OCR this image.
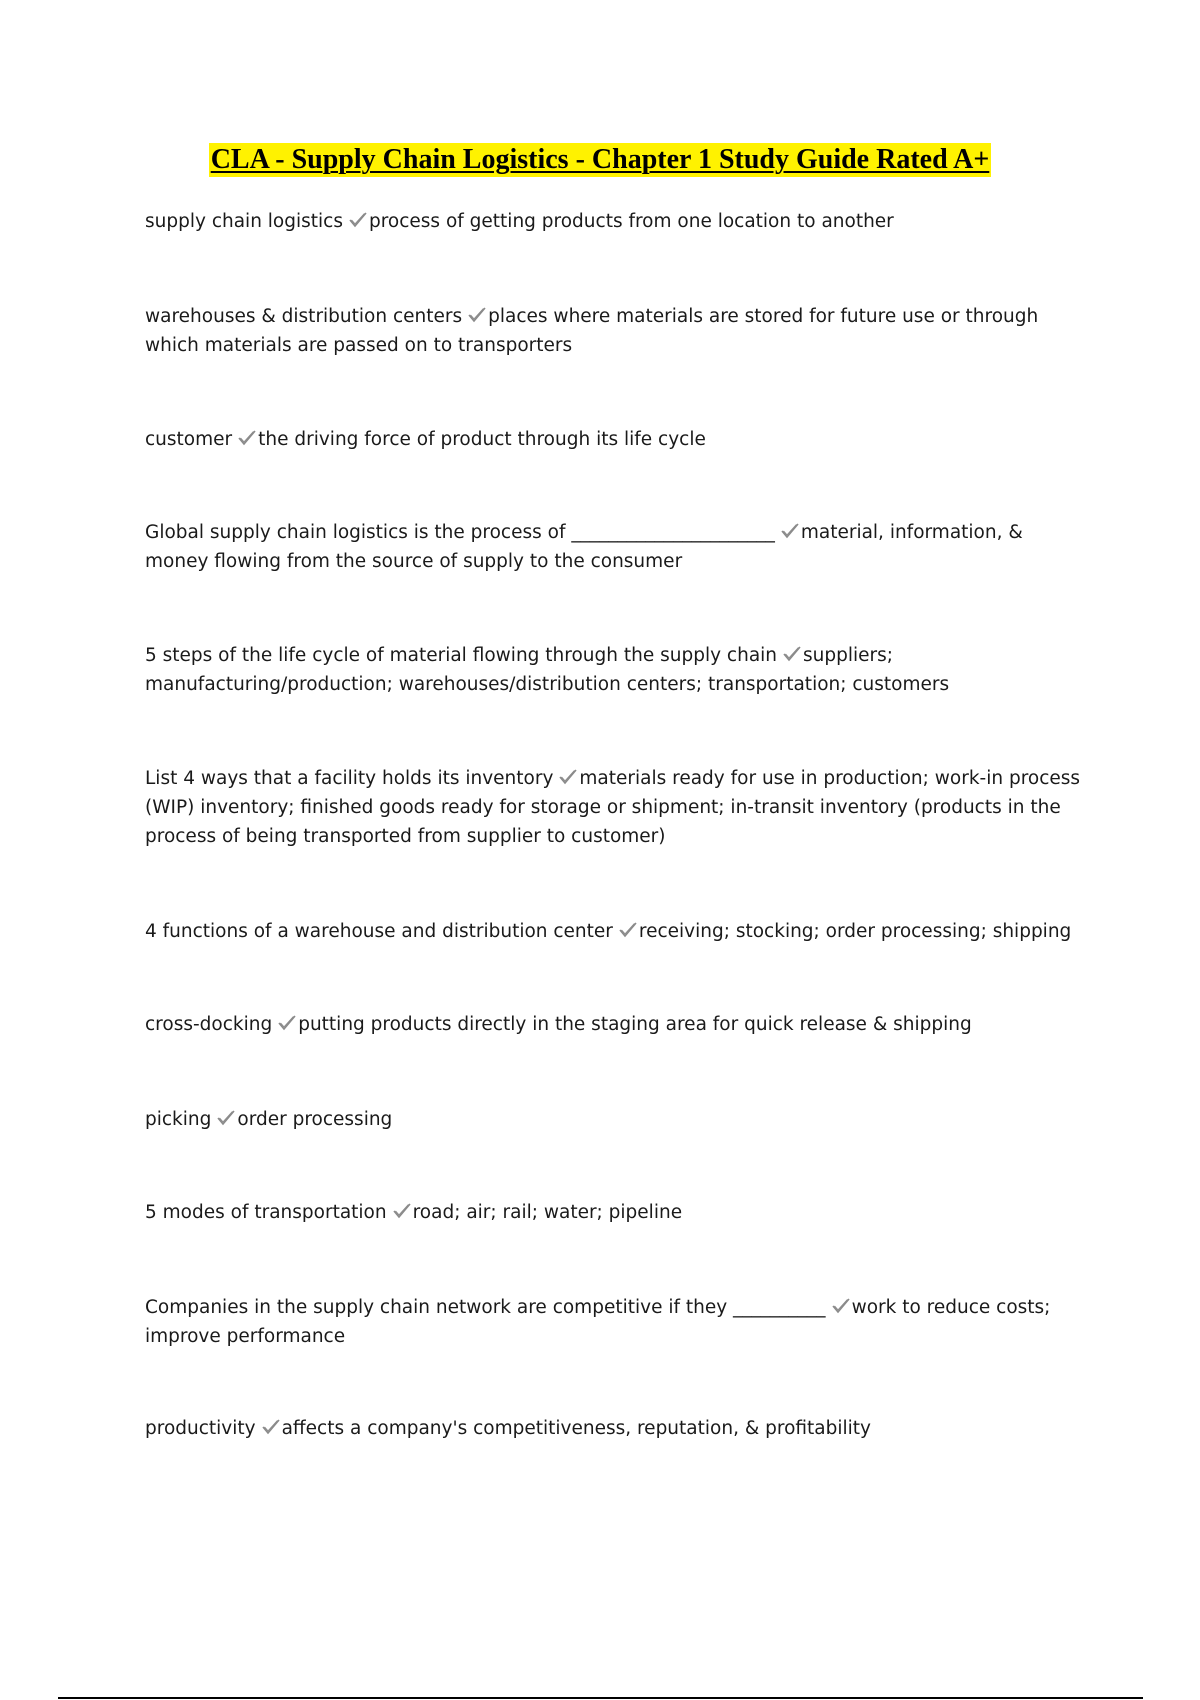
CLA - Supply Chain Logistics - Chapter 1 Study Guide Rated A+
supply chain logistics process of getting products from one location to another
warehouses & distribution centers places where materials are stored for future use or through which materials are passed on to transporters
customer the driving force of product through its life cycle
Global supply chain logistics is the process of ______________________ material, information, & money flowing from the source of supply to the consumer
5 steps of the life cycle of material flowing through the supply chain suppliers; manufacturing/production; warehouses/distribution centers; transportation; customers
List 4 ways that a facility holds its inventory materials ready for use in production; work-in process (WIP) inventory; finished goods ready for storage or shipment; in-transit inventory (products in the process of being transported from supplier to customer)
4 functions of a warehouse and distribution center receiving; stocking; order processing; shipping
cross-docking putting products directly in the staging area for quick release & shipping
picking order processing
5 modes of transportation road; air; rail; water; pipeline
Companies in the supply chain network are competitive if they __________ work to reduce costs; improve performance
productivity affects a company's competitiveness, reputation, & profitability
